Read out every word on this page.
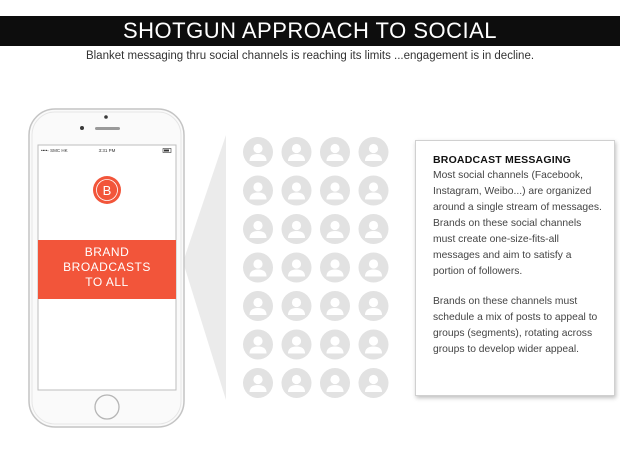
SHOTGUN APPROACH TO SOCIAL
Blanket messaging thru social channels is reaching its limits ...engagement is in decline.
••••◦ SMC HK	3:31 PM
B
BRAND
BROADCASTS
TO ALL
BROADCAST MESSAGING

Most social channels (Facebook, Instagram, Weibo...) are organized around a single stream of messages. Brands on these social channels must create one-size-fits-all messages and aim to satisfy a portion of followers.

Brands on these channels must schedule a mix of posts to appeal to groups (segments), rotating across groups to develop wider appeal.
